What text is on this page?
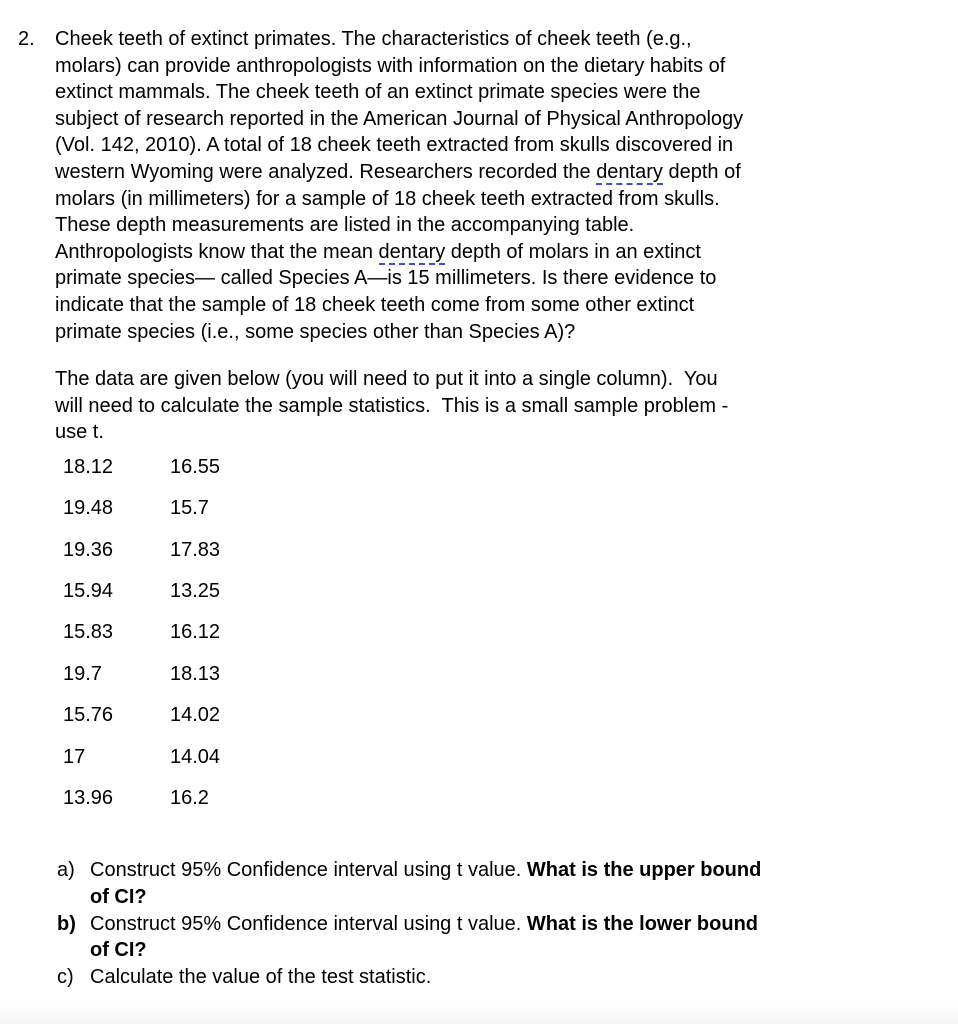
2.	Cheek teeth of extinct primates. The characteristics of cheek teeth (e.g.,
molars) can provide anthropologists with information on the dietary habits of
extinct mammals. The cheek teeth of an extinct primate species were the
subject of research reported in the American Journal of Physical Anthropology
(Vol. 142, 2010). A total of 18 cheek teeth extracted from skulls discovered in
western Wyoming were analyzed. Researchers recorded the dentary depth of
molars (in millimeters) for a sample of 18 cheek teeth extracted from skulls.
These depth measurements are listed in the accompanying table.
Anthropologists know that the mean dentary depth of molars in an extinct
primate species— called Species A—is 15 millimeters. Is there evidence to
indicate that the sample of 18 cheek teeth come from some other extinct
primate species (i.e., some species other than Species A)?
The data are given below (you will need to put it into a single column).  You
will need to calculate the sample statistics.  This is a small sample problem -
use t.
18.12	16.55
19.48	15.7
19.36	17.83
15.94	13.25
15.83	16.12
19.7	18.13
15.76	14.02
17	14.04
13.96	16.2
a) Construct 95% Confidence interval using t value. What is the upper bound
of CI?
b) Construct 95% Confidence interval using t value. What is the lower bound
of CI?
c) Calculate the value of the test statistic.
